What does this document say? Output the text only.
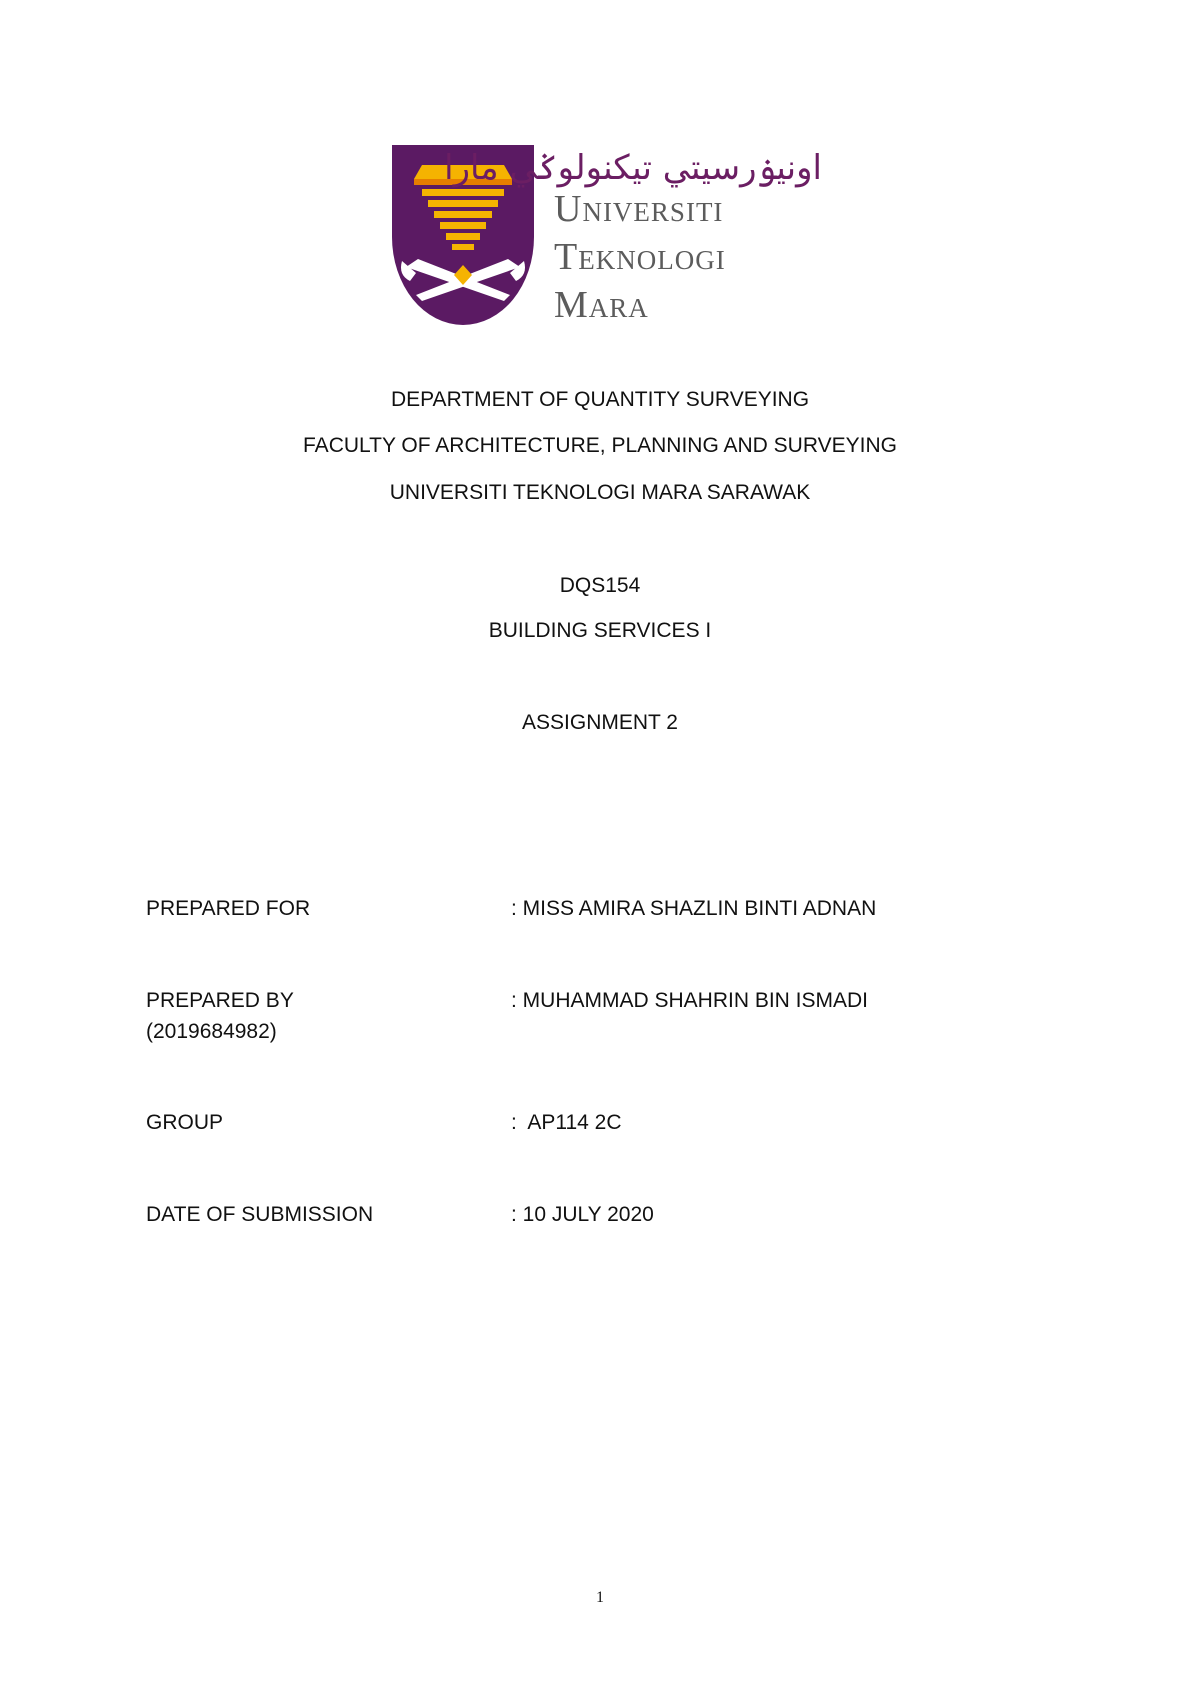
اونيۏرسيتي تيكنولوݢي مارا
Universiti
Teknologi
Mara
DEPARTMENT OF QUANTITY SURVEYING
FACULTY OF ARCHITECTURE, PLANNING AND SURVEYING
UNIVERSITI TEKNOLOGI MARA SARAWAK
DQS154
BUILDING SERVICES I
ASSIGNMENT 2
PREPARED FOR	: MISS AMIRA SHAZLIN BINTI ADNAN
PREPARED BY	: MUHAMMAD SHAHRIN BIN ISMADI
(2019684982)
GROUP	:  AP114 2C
DATE OF SUBMISSION	: 10 JULY 2020
1
